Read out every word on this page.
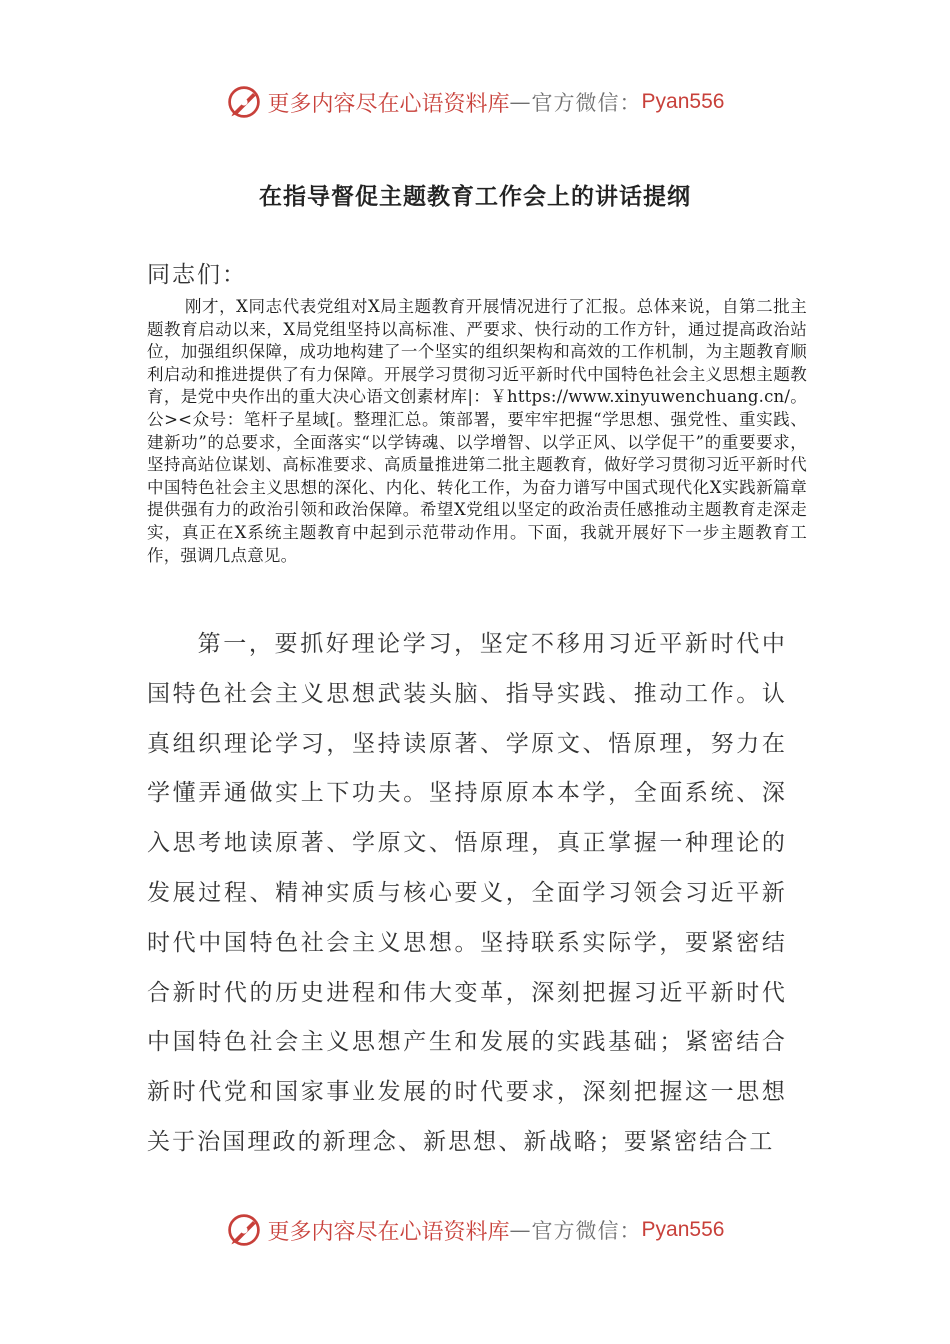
更多内容尽在心语资料库 — 官方微信： Pyan556
在指导督促主题教育工作会上的讲话提纲
同志们：

刚才，X同志代表党组对X局主题教育开展情况进行了汇报。总体来说，自第二批主题教育启动以来，X局党组坚持以高标准、严要求、快行动的工作方针，通过提高政治站位，加强组织保障，成功地构建了一个坚实的组织架构和高效的工作机制，为主题教育顺利启动和推进提供了有力保障。开展学习贯彻习近平新时代中国特色社会主义思想主题教育，是党中央作出的重大决心语文创素材库|：￥https://www.xinyuwenchuang.cn/。公><众号：笔杆子星域[。整理汇总。策部署，要牢牢把握“学思想、强党性、重实践、建新功”的总要求，全面落实“以学铸魂、以学增智、以学正风、以学促干”的重要要求，坚持高站位谋划、高标准要求、高质量推进第二批主题教育，做好学习贯彻习近平新时代中国特色社会主义思想的深化、内化、转化工作，为奋力谱写中国式现代化X实践新篇章提供强有力的政治引领和政治保障。希望X党组以坚定的政治责任感推动主题教育走深走实，真正在X系统主题教育中起到示范带动作用。下面，我就开展好下一步主题教育工作，强调几点意见。

第一，要抓好理论学习，坚定不移用习近平新时代中国特色社会主义思想武装头脑、指导实践、推动工作。认真组织理论学习，坚持读原著、学原文、悟原理，努力在学懂弄通做实上下功夫。坚持原原本本学，全面系统、深入思考地读原著、学原文、悟原理，真正掌握一种理论的发展过程、精神实质与核心要义，全面学习领会习近平新时代中国特色社会主义思想。坚持联系实际学，要紧密结合新时代的历史进程和伟大变革，深刻把握习近平新时代中国特色社会主义思想产生和发展的实践基础；紧密结合新时代党和国家事业发展的时代要求，深刻把握这一思想关于治国理政的新理念、新思想、新战略；要紧密结合工

更多内容尽在心语资料库 — 官方微信： Pyan556
